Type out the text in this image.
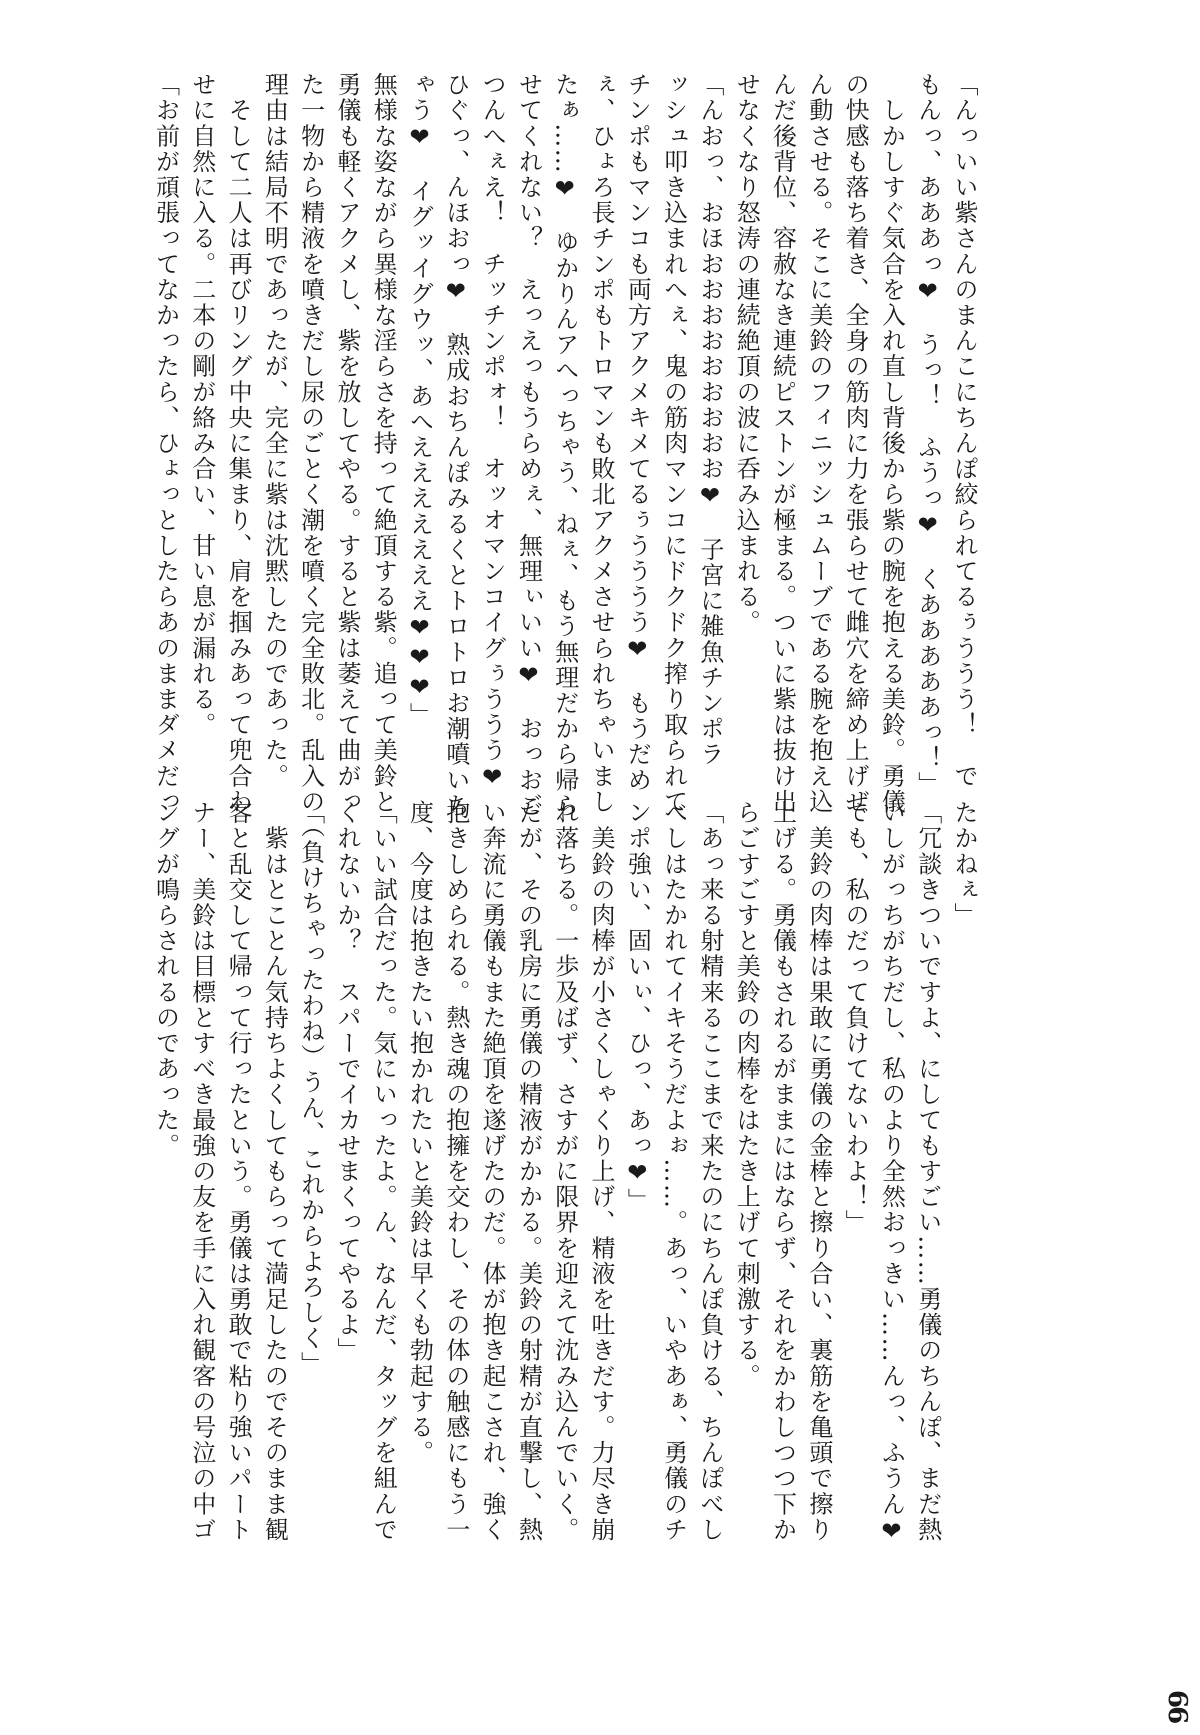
「んっいい紫さんのまんこにちんぽ絞られてるぅううう！　で

もんっ、あああっ❤　うっ！　ふうっ❤　くあああああっ！」

　しかしすぐ気合を入れ直し背後から紫の腕を抱える美鈴。勇儀

の快感も落ち着き、全身の筋肉に力を張らせて雌穴を締め上げぜ

ん動させる。そこに美鈴のフィニッシュムーブである腕を抱え込

んだ後背位、容赦なき連続ピストンが極まる。ついに紫は抜け出

せなくなり怒涛の連続絶頂の波に呑み込まれる。

「んおっ、おほおおおおおおおおお❤　子宮に雑魚チンポラ

ッシュ叩き込まれへぇ、鬼の筋肉マンコにドクドク搾り取られて

チンポもマンコも両方アクメキメてるぅうううう❤　もうだめ

ぇ、ひょろ長チンポもトロマンも敗北アクメさせられちゃいまし

たぁ……❤　ゆかりんアへっちゃう、ねぇ、もう無理だから帰ら

せてくれない？　えっえっもうらめぇ、無理ぃいい❤　おっおご

つんへぇえ！　チッチンポォ！　オッオマンコイグぅううう❤

ひぐっ、んほおっ❤　熟成おちんぽみるくとトロトロお潮噴いち

ゃう❤　イグッイグウッ、あへえええええええ❤❤❤」

無様な姿ながら異様な淫らさを持って絶頂する紫。追って美鈴と

勇儀も軽くアクメし、紫を放してやる。すると紫は萎えて曲がっ

た一物から精液を噴きだし尿のごとく潮を噴く完全敗北。乱入の

理由は結局不明であったが、完全に紫は沈黙したのであった。

　そして二人は再びリング中央に集まり、肩を掴みあって兜合わ

せに自然に入る。二本の剛が絡み合い、甘い息が漏れる。

「お前が頑張ってなかったら、ひょっとしたらあのままダメだっ

たかねぇ」

「冗談きついですよ、にしてもすごい……勇儀のちんぽ、まだ熱

いしがっちがちだし、私のより全然おっきい……んっ、ふうん❤

でも、私のだって負けてないわよ！」

　美鈴の肉棒は果敢に勇儀の金棒と擦り合い、裏筋を亀頭で擦り

上げる。勇儀もされるがままにはならず、それをかわしつつ下か

らごすごすと美鈴の肉棒をはたき上げて刺激する。

「あっ来る射精来るここまで来たのにちんぽ負ける、ちんぽべし

べしはたかれてイキそうだよぉ……。あっ、いやあぁ、勇儀のチ

ンポ強い、固いぃ、ひっ、あっ❤」

　美鈴の肉棒が小さくしゃくり上げ、精液を吐きだす。力尽き崩

れ落ちる。一歩及ばず、さすがに限界を迎えて沈み込んでいく。

だが、その乳房に勇儀の精液がかかる。美鈴の射精が直撃し、熱

い奔流に勇儀もまた絶頂を遂げたのだ。体が抱き起こされ、強く

抱きしめられる。熱き魂の抱擁を交わし、その体の触感にもう一

度、今度は抱きたい抱かれたいと美鈴は早くも勃起する。

「いい試合だった。気にいったよ。ん、なんだ、タッグを組んで

くれないか？　スパーでイカせまくってやるよ」

「（負けちゃったわね）うん、これからよろしく」

　紫はとことん気持ちよくしてもらって満足したのでそのまま観

客と乱交して帰って行ったという。勇儀は勇敢で粘り強いパート

ナー、美鈴は目標とすべき最強の友を手に入れ観客の号泣の中ゴ

ングが鳴らされるのであった。

66
